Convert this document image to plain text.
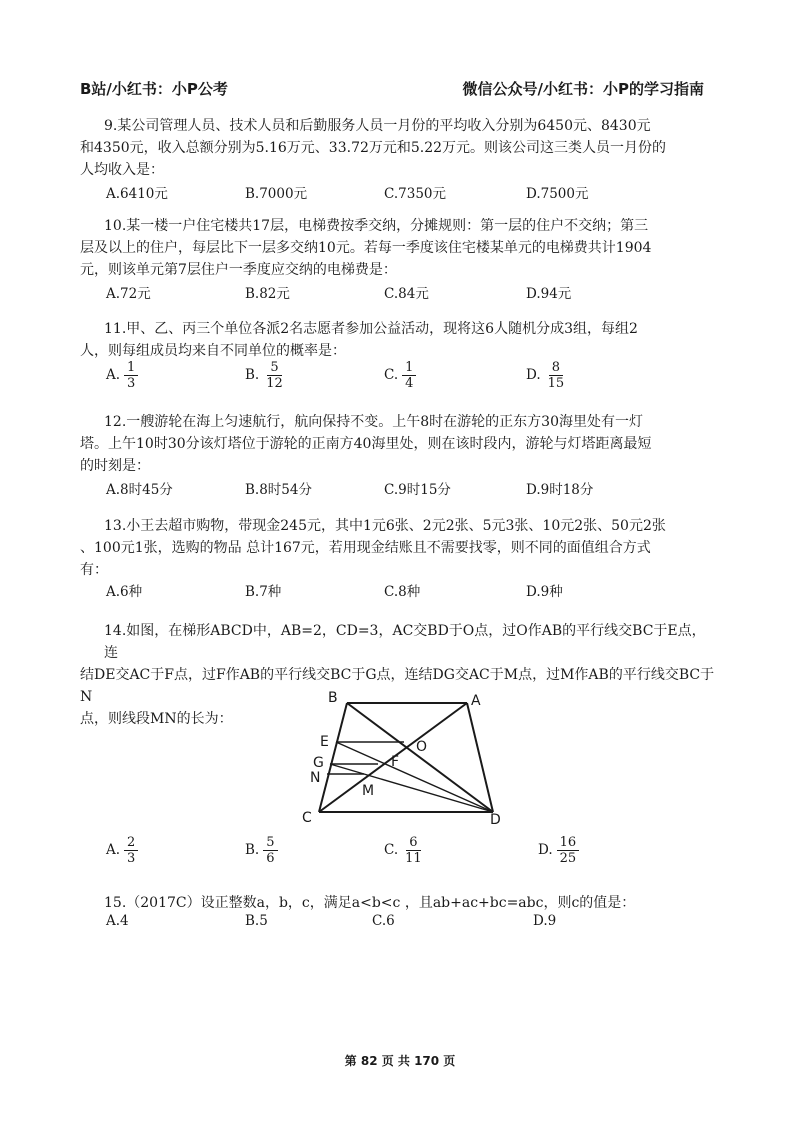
B站/小红书：小P公考	微信公众号/小红书：小P的学习指南
9.某公司管理人员、技术人员和后勤服务人员一月份的平均收入分别为6450元、8430元
和4350元，收入总额分别为5.16万元、33.72万元和5.22万元。则该公司这三类人员一月份的
人均收入是：
A.6410元	B.7000元	C.7350元	D.7500元
10.某一楼一户住宅楼共17层，电梯费按季交纳，分摊规则：第一层的住户不交纳；第三
层及以上的住户，每层比下一层多交纳10元。若每一季度该住宅楼某单元的电梯费共计1904
元，则该单元第7层住户一季度应交纳的电梯费是：
A.72元	B.82元	C.84元	D.94元
11.甲、乙、丙三个单位各派2名志愿者参加公益活动，现将这6人随机分成3组，每组2
人，则每组成员均来自不同单位的概率是：
A. $\frac{1}{3}$	B. $\frac{5}{12}$	C. $\frac{1}{4}$	D. $\frac{8}{15}$
12.一艘游轮在海上匀速航行，航向保持不变。上午8时在游轮的正东方30海里处有一灯
塔。上午10时30分该灯塔位于游轮的正南方40海里处，则在该时段内，游轮与灯塔距离最短
的时刻是：
A.8时45分	B.8时54分	C.9时15分	D.9时18分
13.小王去超市购物，带现金245元，其中1元6张、2元2张、5元3张、10元2张、50元2张
、100元1张，选购的物品 总计167元，若用现金结账且不需要找零，则不同的面值组合方式
有：
A.6种	B.7种	C.8种	D.9种
14.如图，在梯形ABCD中，AB=2，CD=3，AC交BD于O点，过O作AB的平行线交BC于E点，连
结DE交AC于F点，过F作AB的平行线交BC于G点，连结DG交AC于M点，过M作AB的平行线交BC于N
点，则线段MN的长为：
B	A
E	O
G	F
N
M
C	D
A. $\frac{2}{3}$	B. $\frac{5}{6}$	C. $\frac{6}{11}$	D. $\frac{16}{25}$
15.（2017C）设正整数a，b，c，满足a<b<c ，且ab+ac+bc=abc，则c的值是：
A.4	B.5	C.6	D.9
第 82 页 共 170 页
